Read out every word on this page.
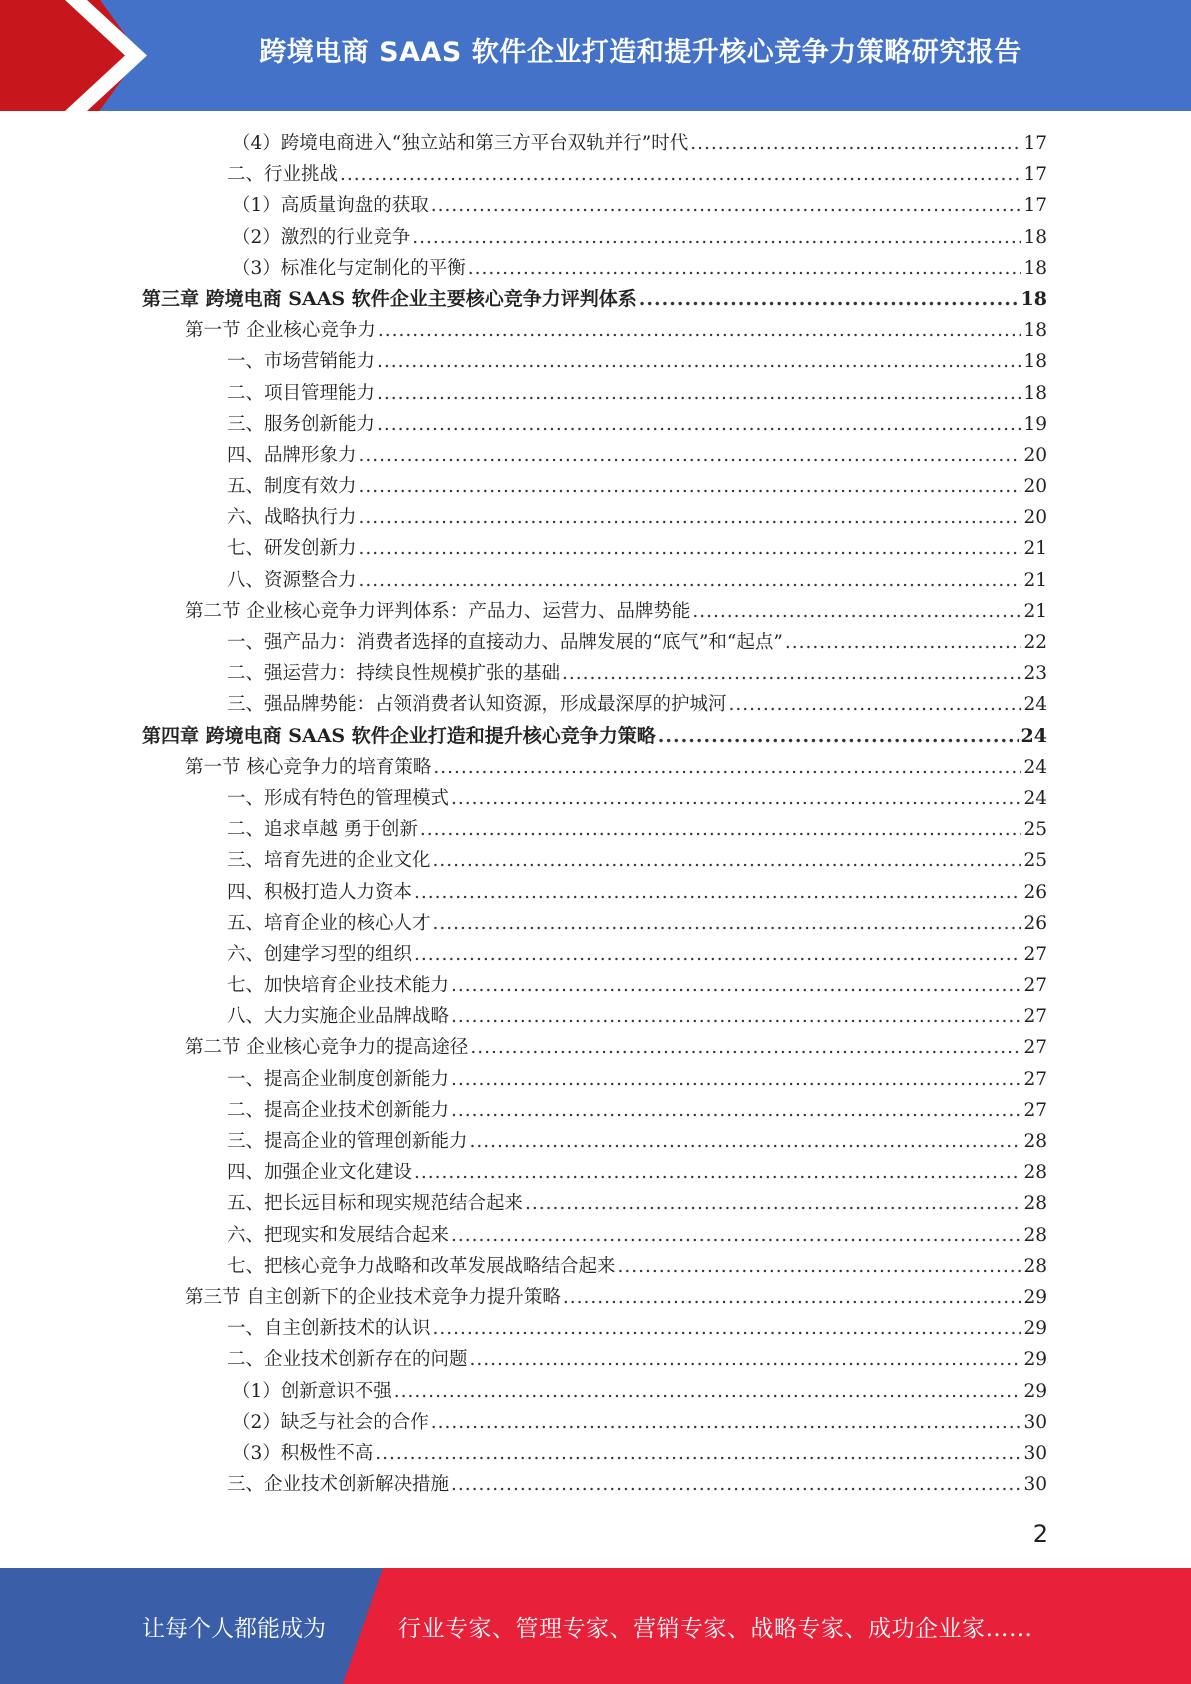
跨境电商 SAAS 软件企业打造和提升核心竞争力策略研究报告
（4）跨境电商进入“独立站和第三方平台双轨并行”时代 .....	17
二、行业挑战 .....	17
（1）高质量询盘的获取 .....	17
（2）激烈的行业竞争 .....	18
（3）标准化与定制化的平衡 .....	18
第三章 跨境电商 SAAS 软件企业主要核心竞争力评判体系 .....	18
第一节 企业核心竞争力 .....	18
一、市场营销能力 .....	18
二、项目管理能力 .....	18
三、服务创新能力 .....	19
四、品牌形象力 .....	20
五、制度有效力 .....	20
六、战略执行力 .....	20
七、研发创新力 .....	21
八、资源整合力 .....	21
第二节 企业核心竞争力评判体系：产品力、运营力、品牌势能 .....	21
一、强产品力：消费者选择的直接动力、品牌发展的“底气”和“起点” .....	22
二、强运营力：持续良性规模扩张的基础 .....	23
三、强品牌势能：占领消费者认知资源，形成最深厚的护城河 .....	24
第四章 跨境电商 SAAS 软件企业打造和提升核心竞争力策略 .....	24
第一节 核心竞争力的培育策略 .....	24
一、形成有特色的管理模式 .....	24
二、追求卓越 勇于创新 .....	25
三、培育先进的企业文化 .....	25
四、积极打造人力资本 .....	26
五、培育企业的核心人才 .....	26
六、创建学习型的组织 .....	27
七、加快培育企业技术能力 .....	27
八、大力实施企业品牌战略 .....	27
第二节 企业核心竞争力的提高途径 .....	27
一、提高企业制度创新能力 .....	27
二、提高企业技术创新能力 .....	27
三、提高企业的管理创新能力 .....	28
四、加强企业文化建设 .....	28
五、把长远目标和现实规范结合起来 .....	28
六、把现实和发展结合起来 .....	28
七、把核心竞争力战略和改革发展战略结合起来 .....	28
第三节 自主创新下的企业技术竞争力提升策略 .....	29
一、自主创新技术的认识 .....	29
二、企业技术创新存在的问题 .....	29
（1）创新意识不强 .....	29
（2）缺乏与社会的合作 .....	30
（3）积极性不高 .....	30
三、企业技术创新解决措施 .....	30
2
让每个人都能成为	行业专家、管理专家、营销专家、战略专家、成功企业家……
